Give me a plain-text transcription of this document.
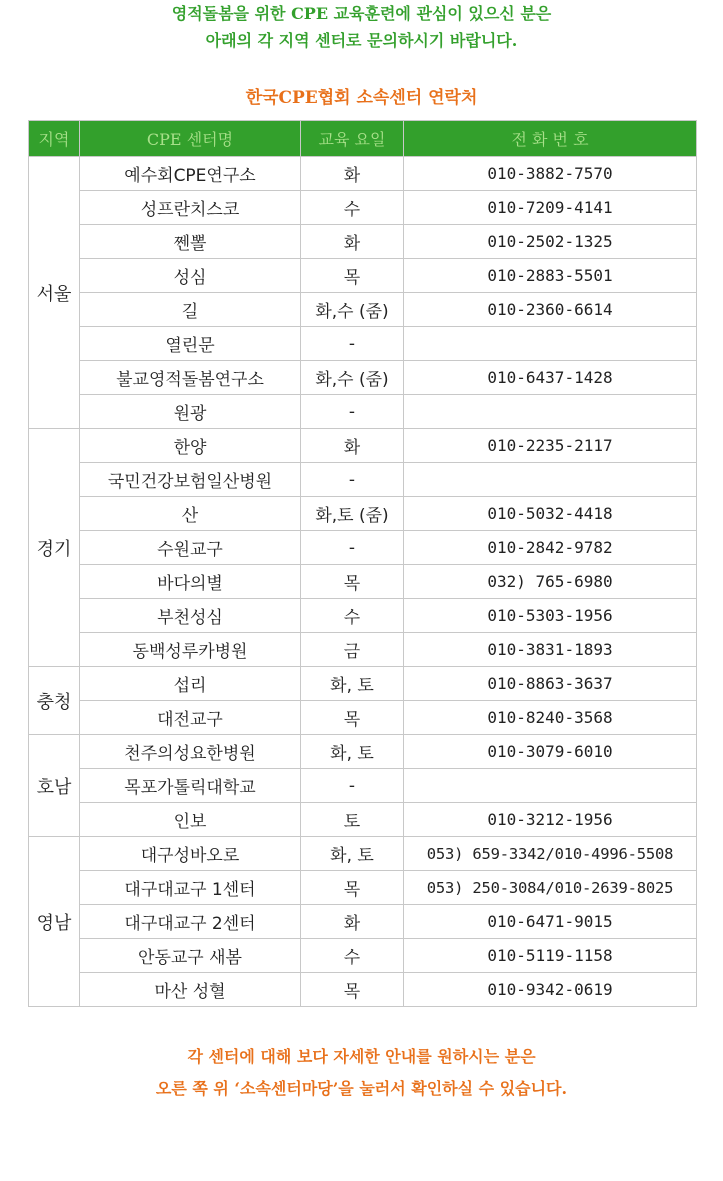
영적돌봄을 위한 CPE 교육훈련에 관심이 있으신 분은
아래의 각 지역 센터로 문의하시기 바랍니다.
한국CPE협회 소속센터 연락처
지역	CPE 센터명	교육 요일	전 화 번 호
서울	예수회CPE연구소	화	010-3882-7570
	성프란치스코	수	010-7209-4141
	쩬뽈	화	010-2502-1325
	성심	목	010-2883-5501
	길	화,수 (줌)	010-2360-6614
	열린문	-	
	불교영적돌봄연구소	화,수 (줌)	010-6437-1428
	원광	-	
경기	한양	화	010-2235-2117
	국민건강보험일산병원	-	
	산	화,토 (줌)	010-5032-4418
	수원교구	-	010-2842-9782
	바다의별	목	032) 765-6980
	부천성심	수	010-5303-1956
	동백성루카병원	금	010-3831-1893
충청	섭리	화, 토	010-8863-3637
	대전교구	목	010-8240-3568
호남	천주의성요한병원	화, 토	010-3079-6010
	목포가톨릭대학교	-	
	인보	토	010-3212-1956
영남	대구성바오로	화, 토	053) 659-3342/010-4996-5508
	대구대교구 1센터	목	053) 250-3084/010-2639-8025
	대구대교구 2센터	화	010-6471-9015
	안동교구 새봄	수	010-5119-1158
	마산 성혈	목	010-9342-0619
각 센터에 대해 보다 자세한 안내를 원하시는 분은
오른 쪽 위 ‘소속센터마당’을 눌러서 확인하실 수 있습니다.
